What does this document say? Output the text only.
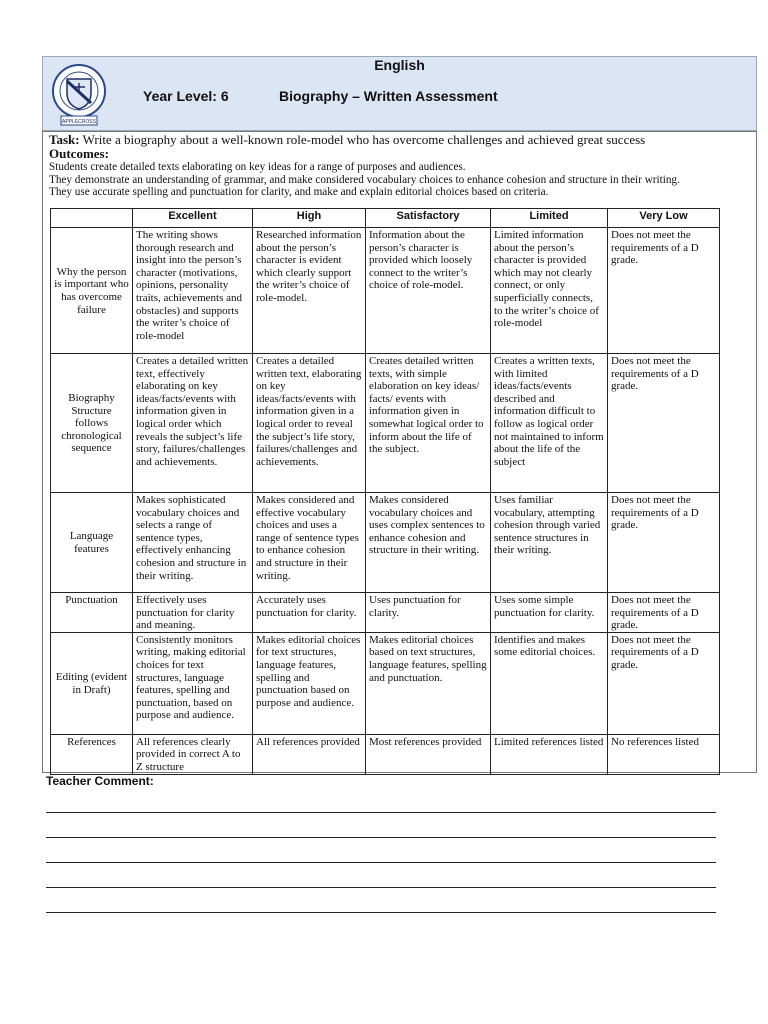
APPLECROSS
English
Year Level: 6	Biography – Written Assessment
Task: Write a biography about a well-known role-model who has overcome challenges and achieved great success
Outcomes:
Students create detailed texts elaborating on key ideas for a range of purposes and audiences.
They demonstrate an understanding of grammar, and make considered vocabulary choices to enhance cohesion and structure in their writing.
They use accurate spelling and punctuation for clarity, and make and explain editorial choices based on criteria.
	Excellent	High	Satisfactory	Limited	Very Low
Why the person is important who has overcome failure	The writing shows thorough research and insight into the person’s character (motivations, opinions, personality traits, achievements and obstacles) and supports the writer’s choice of role-model	Researched information about the person’s character is evident which clearly support the writer’s choice of role-model.	Information about the person’s character is provided which loosely connect to the writer’s choice of role-model.	Limited information about the person’s character is provided which may not clearly connect, or only superficially connects, to the writer’s choice of role-model	Does not meet the requirements of a D grade.
Biography Structure follows chronological sequence	Creates a detailed written text, effectively elaborating on key ideas/facts/events with information given in logical order which reveals the subject’s life story, failures/challenges and achievements.	Creates a detailed written text, elaborating on key ideas/facts/events with information given in a logical order to reveal the subject’s life story, failures/challenges and achievements.	Creates detailed written texts, with simple elaboration on key ideas/ facts/ events with information given in somewhat logical order to inform about the life of the subject.	Creates a written texts, with limited ideas/facts/events described and information difficult to follow as logical order not maintained to inform about the life of the subject	Does not meet the requirements of a D grade.
Language features	Makes sophisticated vocabulary choices and selects a range of sentence types, effectively enhancing cohesion and structure in their writing.	Makes considered and effective vocabulary choices and uses a range of sentence types to enhance cohesion and structure in their writing.	Makes considered vocabulary choices and uses complex sentences to enhance cohesion and structure in their writing.	Uses familiar vocabulary, attempting cohesion through varied sentence structures in their writing.	Does not meet the requirements of a D grade.
Punctuation	Effectively uses punctuation for clarity and meaning.	Accurately uses punctuation for clarity.	Uses punctuation for clarity.	Uses some simple punctuation for clarity.	Does not meet the requirements of a D grade.
Editing (evident in Draft)	Consistently monitors writing, making editorial choices for text structures, language features, spelling and punctuation, based on purpose and audience.	Makes editorial choices for text structures, language features, spelling and punctuation based on purpose and audience.	Makes editorial choices based on text structures, language features, spelling and punctuation.	Identifies and makes some editorial choices.	Does not meet the requirements of a D grade.
References	All references clearly provided in correct A to Z structure	All references provided	Most references provided	Limited references listed	No references listed
Teacher Comment:
